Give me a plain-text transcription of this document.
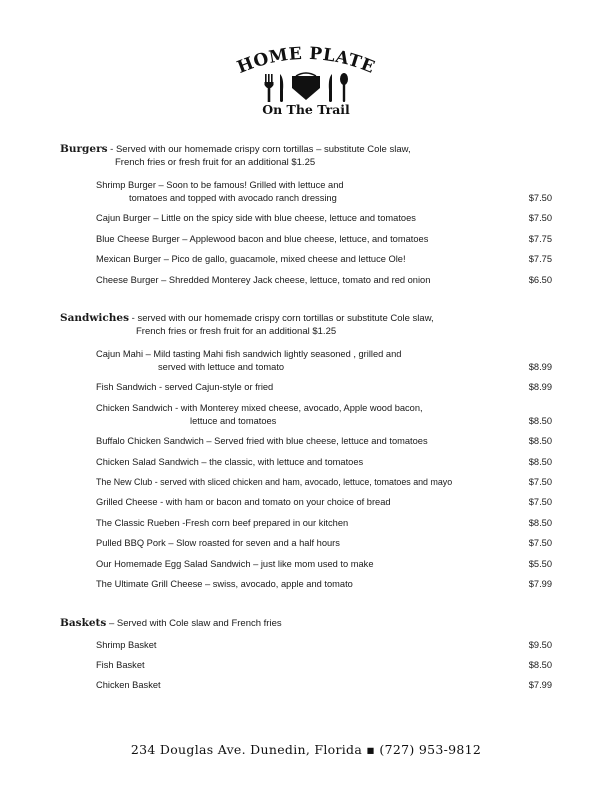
HOME PLATE
On The Trail
Burgers - Served with our homemade crispy corn tortillas – substitute Cole slaw,
French fries or fresh fruit for an additional $1.25
Shrimp Burger – Soon to be famous! Grilled with lettuce and
tomatoes and topped with avocado ranch dressing	$7.50
Cajun Burger – Little on the spicy side with blue cheese, lettuce and tomatoes	$7.50
Blue Cheese Burger – Applewood bacon and blue cheese, lettuce, and tomatoes	$7.75
Mexican Burger – Pico de gallo, guacamole, mixed cheese and lettuce Ole!	$7.75
Cheese Burger – Shredded Monterey Jack cheese, lettuce, tomato and red onion	$6.50
Sandwiches - served with our homemade crispy corn tortillas or substitute Cole slaw,
French fries or fresh fruit for an additional $1.25
Cajun Mahi – Mild tasting Mahi fish sandwich lightly seasoned , grilled and
served with lettuce and tomato	$8.99
Fish Sandwich - served Cajun-style or fried	$8.99
Chicken Sandwich - with Monterey mixed cheese, avocado, Apple wood bacon,
lettuce and tomatoes	$8.50
Buffalo Chicken Sandwich – Served fried with blue cheese, lettuce and tomatoes	$8.50
Chicken Salad Sandwich – the classic, with lettuce and tomatoes	$8.50
The New Club - served with sliced chicken and ham, avocado, lettuce, tomatoes and mayo	$7.50
Grilled Cheese - with ham or bacon and tomato on your choice of bread	$7.50
The Classic Rueben -Fresh corn beef prepared in our kitchen	$8.50
Pulled BBQ Pork – Slow roasted for seven and a half hours	$7.50
Our Homemade Egg Salad Sandwich – just like mom used to make	$5.50
The Ultimate Grill Cheese – swiss, avocado, apple and tomato	$7.99
Baskets – Served with Cole slaw and French fries
Shrimp Basket	$9.50
Fish Basket	$8.50
Chicken Basket	$7.99
234 Douglas Ave. Dunedin, Florida ▪ (727) 953-9812
